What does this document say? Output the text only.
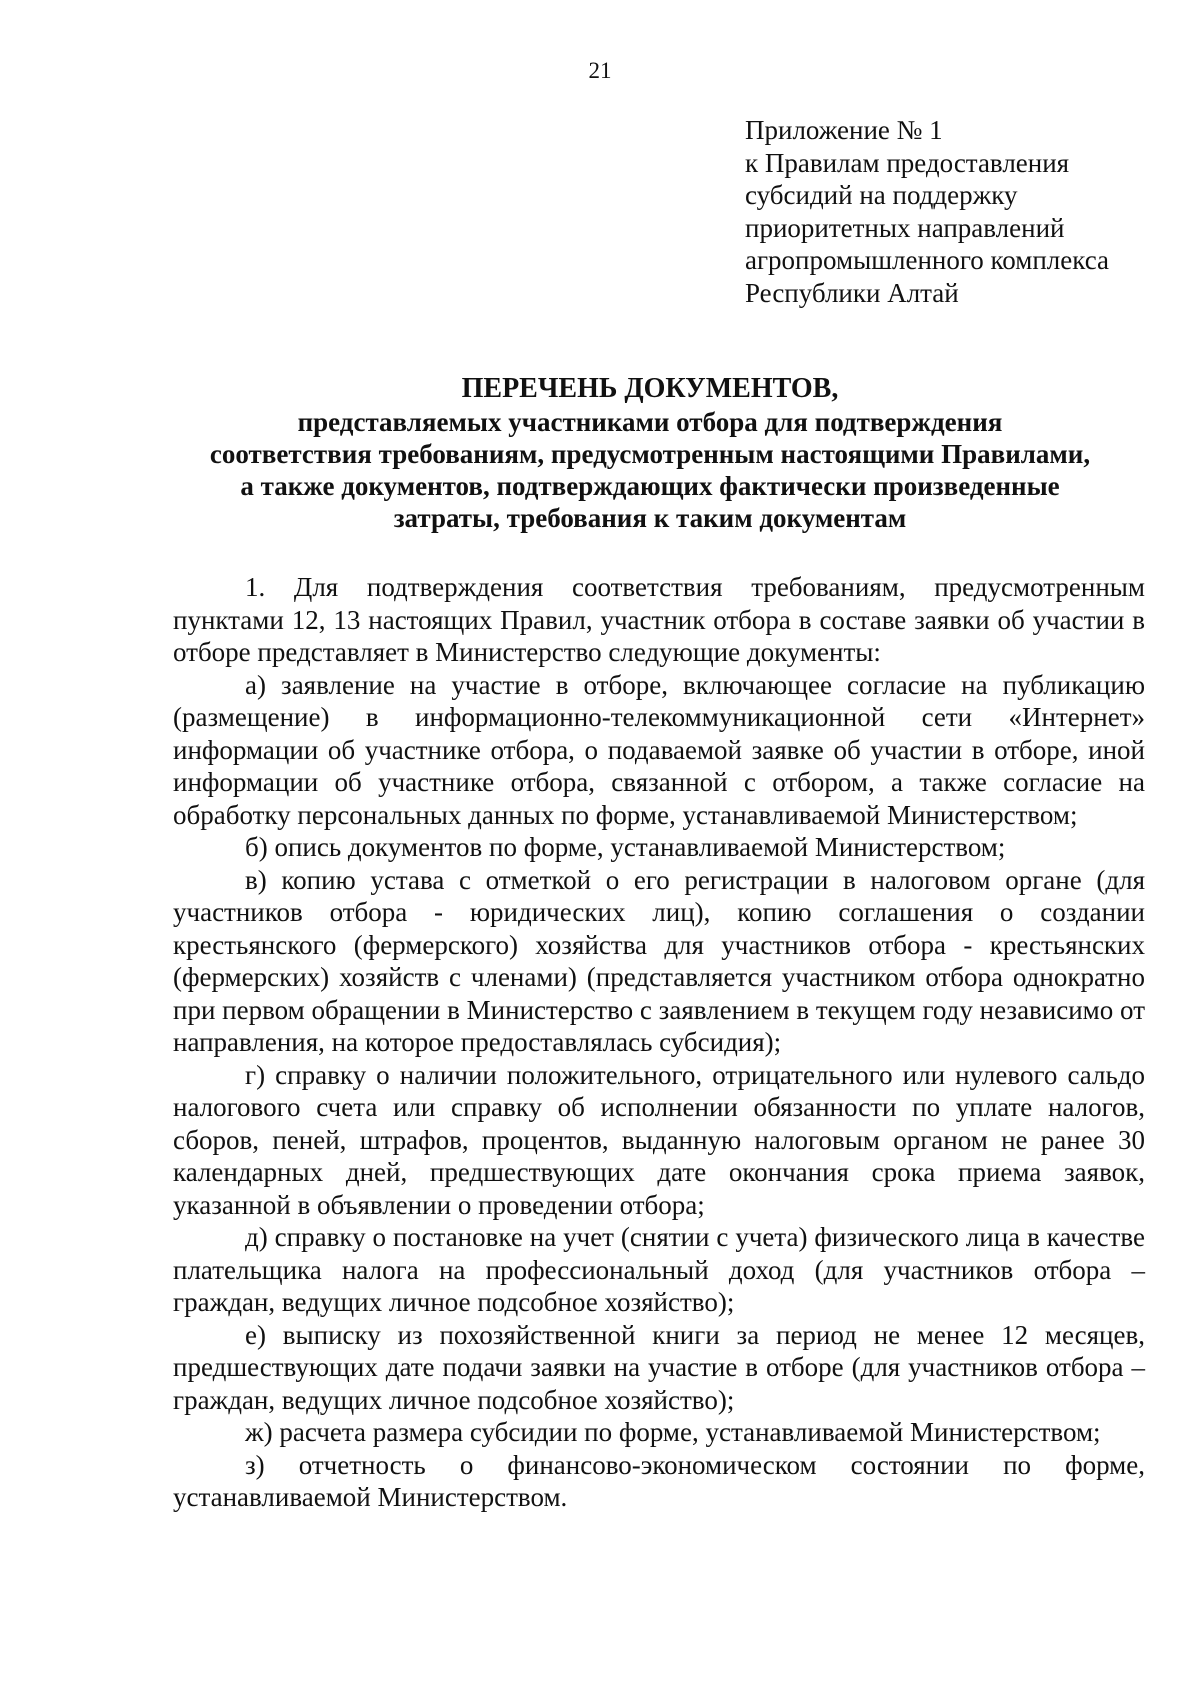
21
Приложение № 1
к Правилам предоставления
субсидий на поддержку
приоритетных направлений
агропромышленного комплекса
Республики Алтай
ПЕРЕЧЕНЬ ДОКУМЕНТОВ,
представляемых участниками отбора для подтверждения
соответствия требованиям, предусмотренным настоящими Правилами,
а также документов, подтверждающих фактически произведенные
затраты, требования к таким документам

1. Для подтверждения соответствия требованиям, предусмотренным пунктами 12, 13 настоящих Правил, участник отбора в составе заявки об участии в отборе представляет в Министерство следующие документы:

а) заявление на участие в отборе, включающее согласие на публикацию (размещение) в информационно-телекоммуникационной сети «Интернет» информации об участнике отбора, о подаваемой заявке об участии в отборе, иной информации об участнике отбора, связанной с отбором, а также согласие на обработку персональных данных по форме, устанавливаемой Министерством;

б) опись документов по форме, устанавливаемой Министерством;

в) копию устава с отметкой о его регистрации в налоговом органе (для участников отбора - юридических лиц), копию соглашения о создании крестьянского (фермерского) хозяйства для участников отбора - крестьянских (фермерских) хозяйств с членами) (представляется участником отбора однократно при первом обращении в Министерство с заявлением в текущем году независимо от направления, на которое предоставлялась субсидия);

г) справку о наличии положительного, отрицательного или нулевого сальдо налогового счета или справку об исполнении обязанности по уплате налогов, сборов, пеней, штрафов, процентов, выданную налоговым органом не ранее 30 календарных дней, предшествующих дате окончания срока приема заявок, указанной в объявлении о проведении отбора;

д) справку о постановке на учет (снятии с учета) физического лица в качестве плательщика налога на профессиональный доход (для участников отбора – граждан, ведущих личное подсобное хозяйство);

е) выписку из похозяйственной книги за период не менее 12 месяцев, предшествующих дате подачи заявки на участие в отборе (для участников отбора – граждан, ведущих личное подсобное хозяйство);

ж) расчета размера субсидии по форме, устанавливаемой Министерством;

з) отчетность о финансово-экономическом состоянии по форме, устанавливаемой Министерством.
